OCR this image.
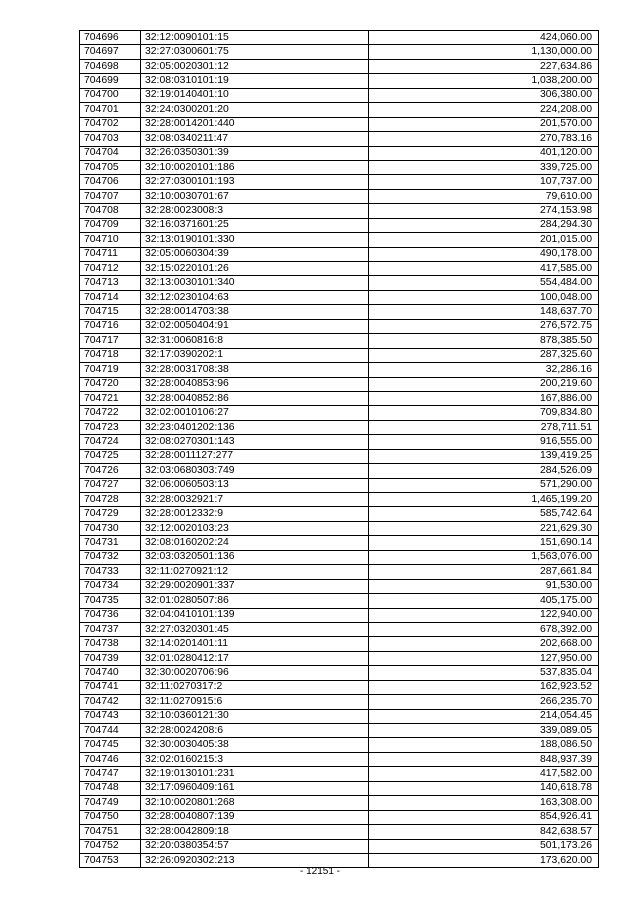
704696	32:12:0090101:15	424,060.00
704697	32:27:0300601:75	1,130,000.00
704698	32:05:0020301:12	227,634.86
704699	32:08:0310101:19	1,038,200.00
704700	32:19:0140401:10	306,380.00
704701	32:24:0300201:20	224,208.00
704702	32:28:0014201:440	201,570.00
704703	32:08:0340211:47	270,783.16
704704	32:26:0350301:39	401,120.00
704705	32:10:0020101:186	339,725.00
704706	32:27:0300101:193	107,737.00
704707	32:10:0030701:67	79,610.00
704708	32:28:0023008:3	274,153.98
704709	32:16:0371601:25	284,294.30
704710	32:13:0190101:330	201,015.00
704711	32:05:0060304:39	490,178.00
704712	32:15:0220101:26	417,585.00
704713	32:13:0030101:340	554,484.00
704714	32:12:0230104:63	100,048.00
704715	32:28:0014703:38	148,637.70
704716	32:02:0050404:91	276,572.75
704717	32:31:0060816:8	878,385.50
704718	32:17:0390202:1	287,325.60
704719	32:28:0031708:38	32,286.16
704720	32:28:0040853:96	200,219.60
704721	32:28:0040852:86	167,886.00
704722	32:02:0010106:27	709,834.80
704723	32:23:0401202:136	278,711.51
704724	32:08:0270301:143	916,555.00
704725	32:28:0011127:277	139,419.25
704726	32:03:0680303:749	284,526.09
704727	32:06:0060503:13	571,290.00
704728	32:28:0032921:7	1,465,199.20
704729	32:28:0012332:9	585,742.64
704730	32:12:0020103:23	221,629.30
704731	32:08:0160202:24	151,690.14
704732	32:03:0320501:136	1,563,076.00
704733	32:11:0270921:12	287,661.84
704734	32:29:0020901:337	91,530.00
704735	32:01:0280507:86	405,175.00
704736	32:04:0410101:139	122,940.00
704737	32:27:0320301:45	678,392.00
704738	32:14:0201401:11	202,668.00
704739	32:01:0280412:17	127,950.00
704740	32:30:0020706:96	537,835.04
704741	32:11:0270317:2	162,923.52
704742	32:11:0270915:6	266,235.70
704743	32:10:0360121:30	214,054.45
704744	32:28:0024208:6	339,089.05
704745	32:30:0030405:38	188,086.50
704746	32:02:0160215:3	848,937.39
704747	32:19:0130101:231	417,582.00
704748	32:17:0960409:161	140,618.78
704749	32:10:0020801:268	163,308.00
704750	32:28:0040807:139	854,926.41
704751	32:28:0042809:18	842,638.57
704752	32:20:0380354:57	501,173.26
704753	32:26:0920302:213	173,620.00
- 12151 -
